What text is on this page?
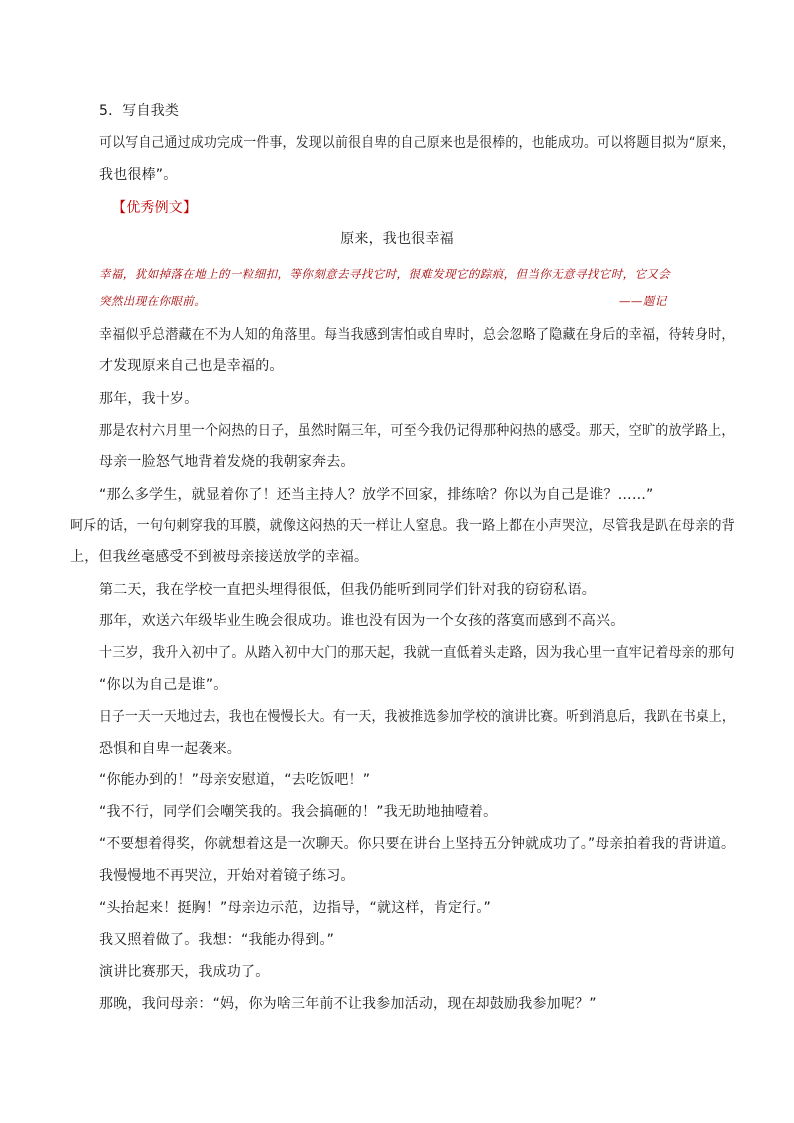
5．写自我类
可以写自己通过成功完成一件事，发现以前很自卑的自己原来也是很棒的，也能成功。可以将题目拟为“原来，
我也很棒”。
【优秀例文】
原来，我也很幸福
幸福，犹如掉落在地上的一粒细扣，等你刻意去寻找它时，很难发现它的踪痕，但当你无意寻找它时，它又会
突然出现在你眼前。	——题记
幸福似乎总潜藏在不为人知的角落里。每当我感到害怕或自卑时，总会忽略了隐藏在身后的幸福，待转身时，
才发现原来自己也是幸福的。
那年，我十岁。
那是农村六月里一个闷热的日子，虽然时隔三年，可至今我仍记得那种闷热的感受。那天，空旷的放学路上，
母亲一脸怒气地背着发烧的我朝家奔去。
“那么多学生，就显着你了！还当主持人？放学不回家，排练啥？你以为自己是谁？……”
呵斥的话，一句句刺穿我的耳膜，就像这闷热的天一样让人窒息。我一路上都在小声哭泣，尽管我是趴在母亲的背
上，但我丝毫感受不到被母亲接送放学的幸福。
第二天，我在学校一直把头埋得很低，但我仍能听到同学们针对我的窃窃私语。
那年，欢送六年级毕业生晚会很成功。谁也没有因为一个女孩的落寞而感到不高兴。
十三岁，我升入初中了。从踏入初中大门的那天起，我就一直低着头走路，因为我心里一直牢记着母亲的那句
“你以为自己是谁”。
日子一天一天地过去，我也在慢慢长大。有一天，我被推选参加学校的演讲比赛。听到消息后，我趴在书桌上，
恐惧和自卑一起袭来。
“你能办到的！”母亲安慰道，“去吃饭吧！”
“我不行，同学们会嘲笑我的。我会搞砸的！”我无助地抽噎着。
“不要想着得奖，你就想着这是一次聊天。你只要在讲台上坚持五分钟就成功了。”母亲拍着我的背讲道。
我慢慢地不再哭泣，开始对着镜子练习。
“头抬起来！挺胸！”母亲边示范，边指导，“就这样，肯定行。”
我又照着做了。我想：“我能办得到。”
演讲比赛那天，我成功了。
那晚，我问母亲：“妈，你为啥三年前不让我参加活动，现在却鼓励我参加呢？”
